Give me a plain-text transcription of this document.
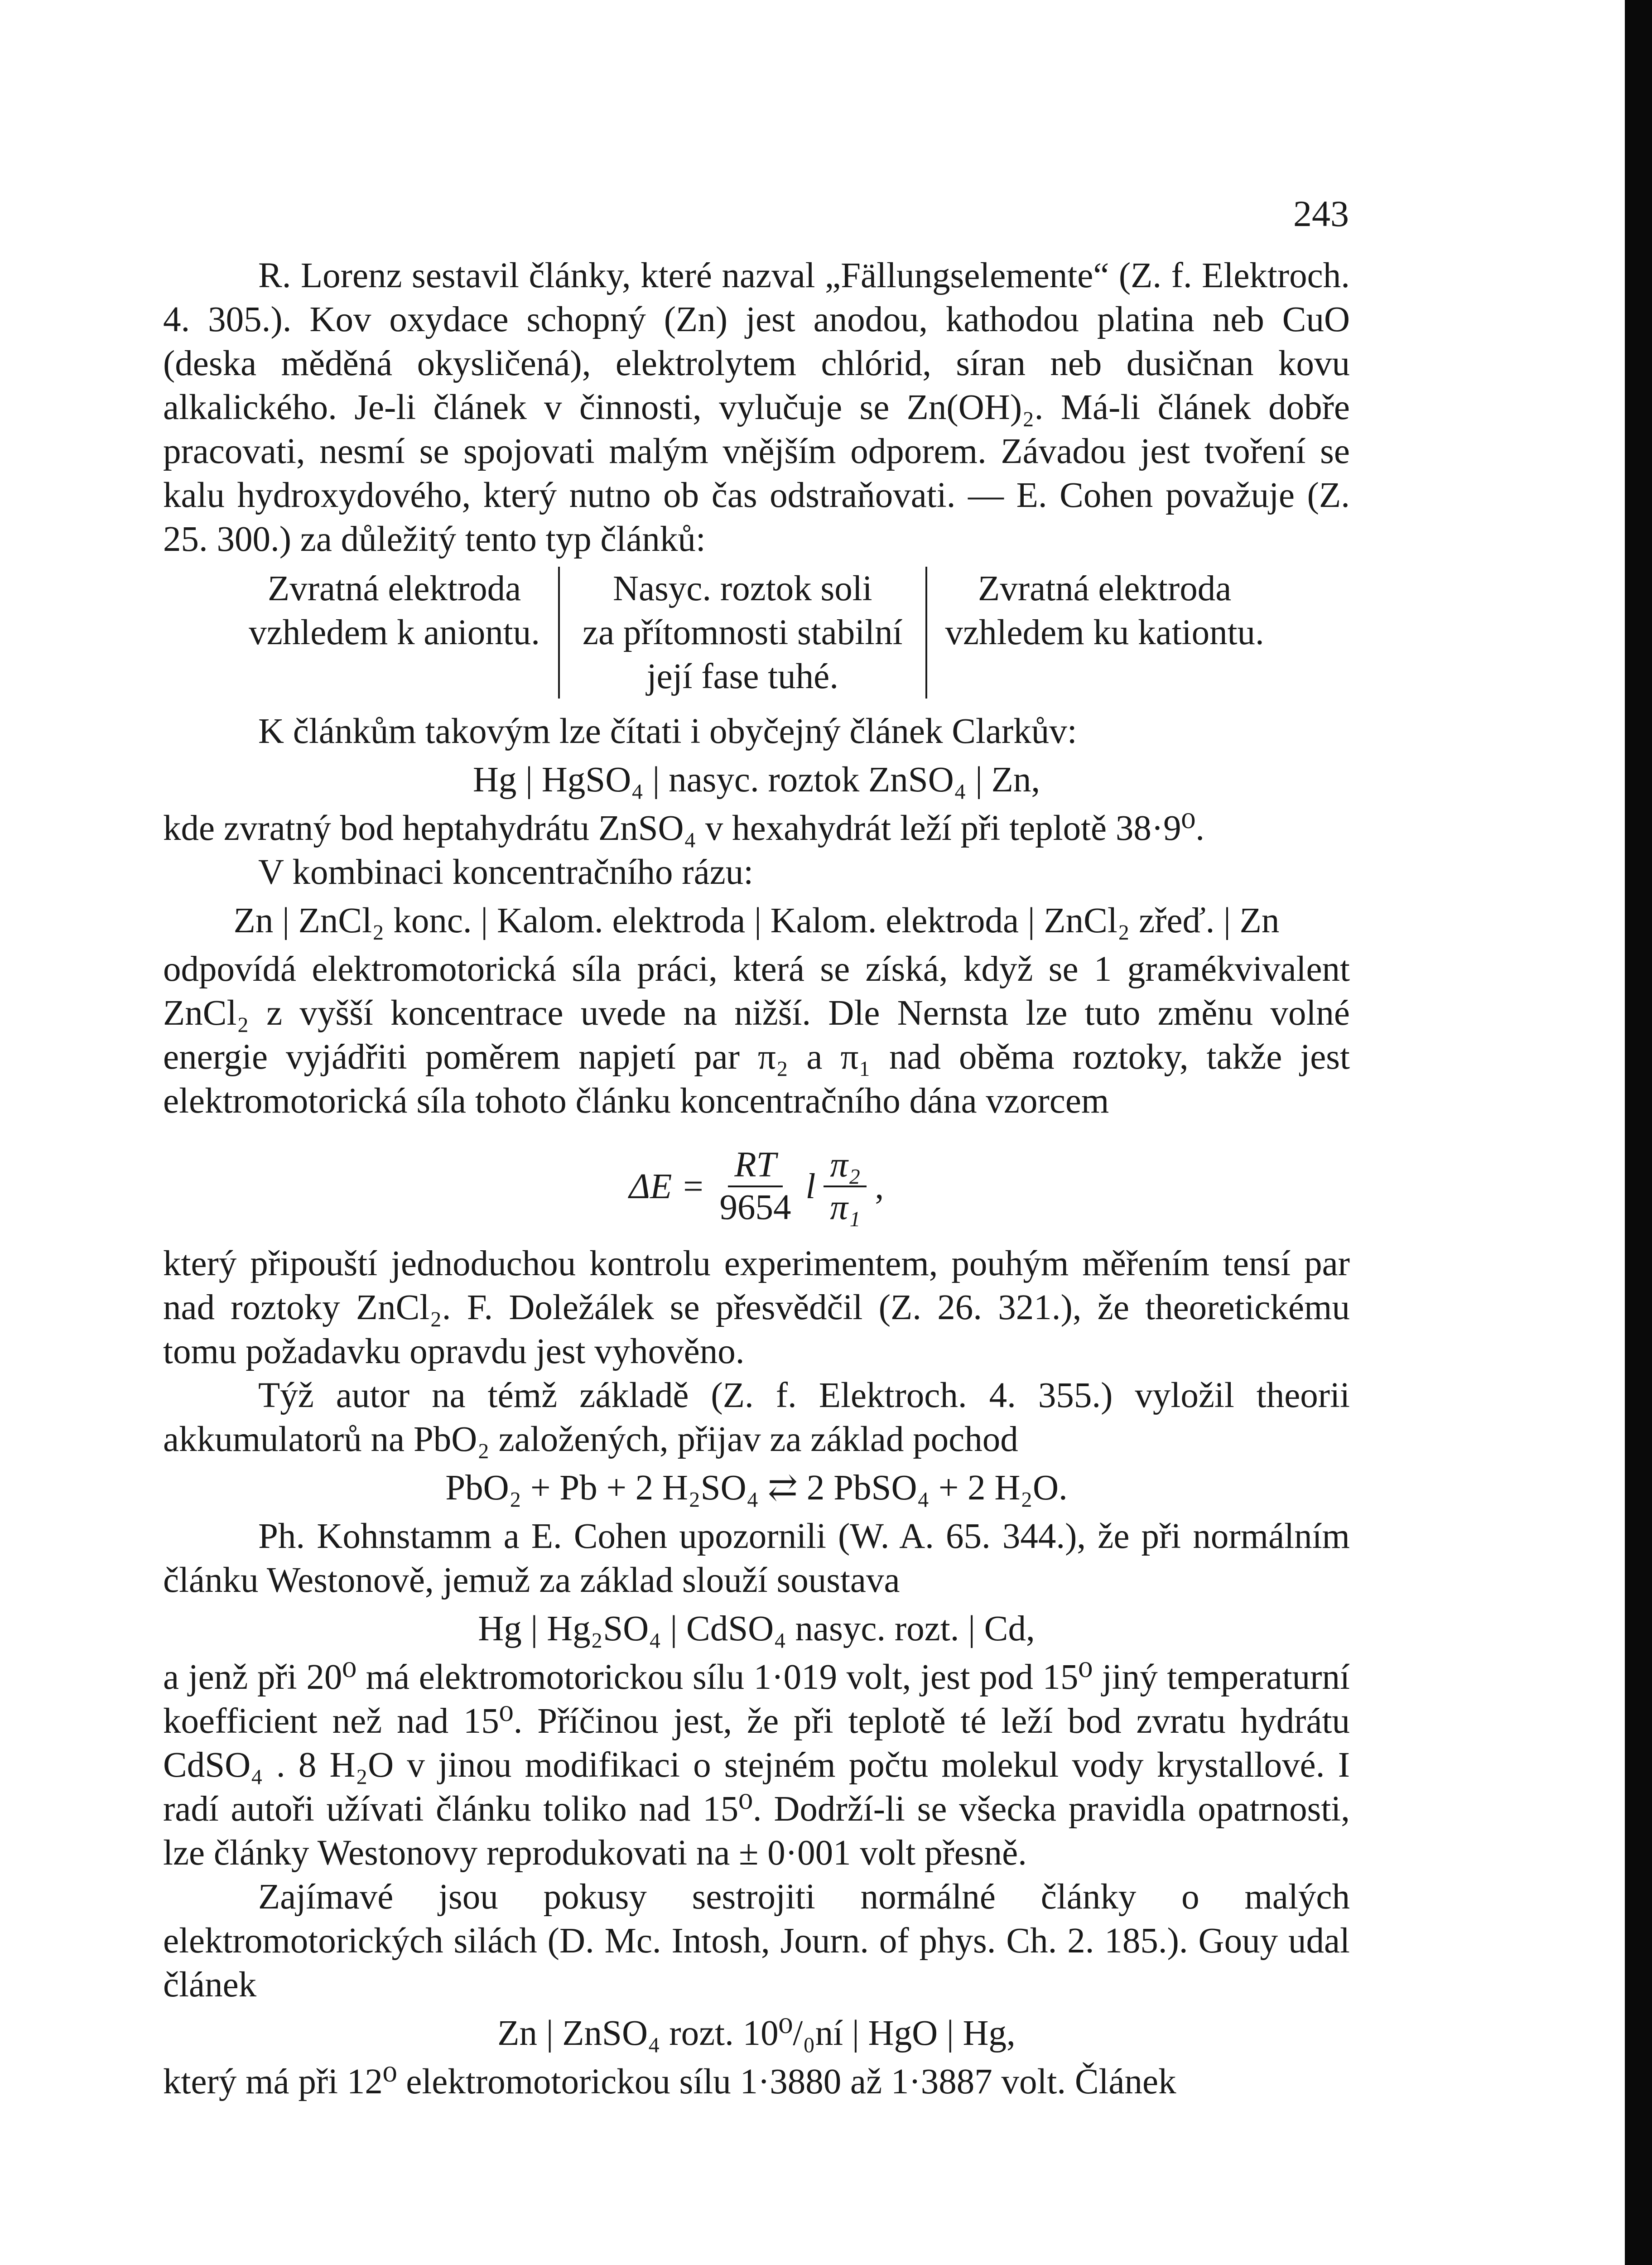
243

R. Lorenz sestavil články, které nazval „Fällungselemente“ (Z. f. Elektroch. 4. 305.). Kov oxydace schopný (Zn) jest anodou, kathodou platina neb CuO (deska měděná okysličená), elektrolytem chlórid, síran neb dusičnan kovu alkalického. Je-li článek v činnosti, vylučuje se Zn(OH)₂. Má-li článek dobře pracovati, nesmí se spojovati malým vnějším odporem. Závadou jest tvoření se kalu hydroxydového, který nutno ob čas odstraňovati. — E. Cohen považuje (Z. 25. 300.) za důležitý tento typ článků:

Zvratná elektroda
vzhledem k aniontu.
Nasyc. roztok soli
za přítomnosti stabilní
její fase tuhé.
Zvratná elektroda
vzhledem ku kationtu.

K článkům takovým lze čítati i obyčejný článek Clarkův:

Hg | HgSO₄ | nasyc. roztok ZnSO₄ | Zn,

kde zvratný bod heptahydrátu ZnSO₄ v hexahydrát leží při teplotě 38·9⁰.

V kombinaci koncentračního rázu:

Zn | ZnCl₂ konc. | Kalom. elektroda | Kalom. elektroda | ZnCl₂ zřeď. | Zn

odpovídá elektromotorická síla práci, která se získá, když se 1 gramékvivalent ZnCl₂ z vyšší koncentrace uvede na nižší. Dle Nernsta lze tuto změnu volné energie vyjádřiti poměrem napjetí par π₂ a π₁ nad oběma roztoky, takže jest elektromotorická síla tohoto článku koncentračního dána vzorcem

$\Delta E = \frac{RT}{9654}$ l $\frac{\text{π₂}}{\text{π₁}}$ ,

který připouští jednoduchou kontrolu experimentem, pouhým měřením tensí par nad roztoky ZnCl₂. F. Doležálek se přesvědčil (Z. 26. 321.), že theoretickému tomu požadavku opravdu jest vyhověno.

Týž autor na témž základě (Z. f. Elektroch. 4. 355.) vyložil theorii akkumulatorů na PbO₂ založených, přijav za základ pochod

PbO₂ + Pb + 2 H₂SO₄ ⇄ 2 PbSO₄ + 2 H₂O.

Ph. Kohnstamm a E. Cohen upozornili (W. A. 65. 344.), že při normálním článku Westonově, jemuž za základ slouží soustava

Hg | Hg₂SO₄ | CdSO₄ nasyc. rozt. | Cd,

a jenž při 20⁰ má elektromotorickou sílu 1·019 volt, jest pod 15⁰ jiný temperaturní koefficient než nad 15⁰. Příčinou jest, že při teplotě té leží bod zvratu hydrátu CdSO₄ . 8 H₂O v jinou modifikaci o stejném počtu molekul vody krystallové. I radí autoři užívati článku toliko nad 15⁰. Dodrží-li se všecka pravidla opatrnosti, lze články Westonovy reprodukovati na ± 0·001 volt přesně.

Zajímavé jsou pokusy sestrojiti normálné články o malých elektromotorických silách (D. Mc. Intosh, Journ. of phys. Ch. 2. 185.). Gouy udal článek

Zn | ZnSO₄ rozt. 10⁰/₀ní | HgO | Hg,

který má při 12⁰ elektromotorickou sílu 1·3880 až 1·3887 volt. Článek
